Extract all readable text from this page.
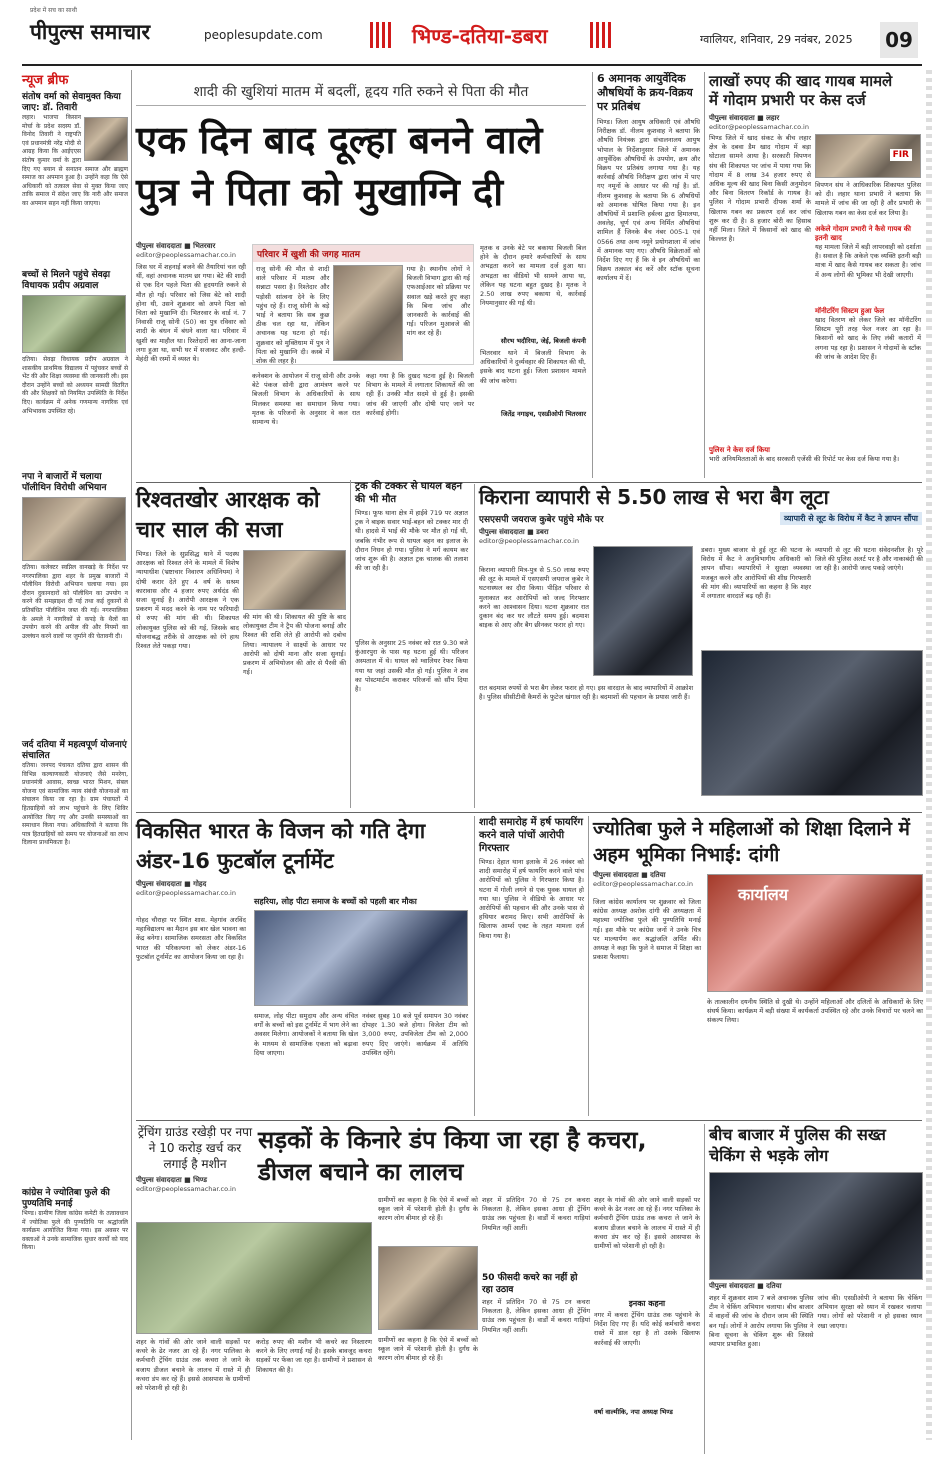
प्रदेश में सच का साथी
पीपुल्स समाचार	peoplesupdate.com	भिण्ड-दतिया-डबरा	ग्वालियर, शनिवार, 29 नवंबर, 2025 09
न्यूज ब्रीफ
संतोष वर्मा को सेवामुक्त किया जाए: डॉ. तिवारी
लहार। भाजपा किसान मोर्चा के प्रदेश सदस्य डॉ. विनोद तिवारी ने राष्ट्रपति एवं प्रधानमंत्री नरेंद्र मोदी से आग्रह किया कि आईएएस संतोष कुमार वर्मा के द्वारा दिए गए बयान से सनातन समाज और ब्राह्मण समाज का अपमान हुआ है। उन्होंने कहा कि ऐसे अधिकारी को तत्काल सेवा से मुक्त किया जाए ताकि समाज में संदेश जाए कि नारी और समाज का अपमान सहन नहीं किया जाएगा।
बच्चों से मिलने पहुंचे सेवढ़ा विधायक प्रदीप अग्रवाल
दतिया। सेवढ़ा विधायक प्रदीप अग्रवाल ने शासकीय प्राथमिक विद्यालय में पहुंचकर बच्चों से भेंट की और शिक्षा व्यवस्था की जानकारी ली। इस दौरान उन्होंने बच्चों को अध्ययन सामग्री वितरित की और शिक्षकों को नियमित उपस्थिति के निर्देश दिए। कार्यक्रम में अनेक गणमान्य नागरिक एवं अभिभावक उपस्थित रहे।
नपा ने बाजारों में चलाया पॉलीथिन विरोधी अभियान
दतिया। कलेक्टर स्वप्निल वानखड़े के निर्देश पर नगरपालिका द्वारा शहर के प्रमुख बाजारों में पॉलीथिन विरोधी अभियान चलाया गया। इस दौरान दुकानदारों को पॉलीथिन का उपयोग न करने की समझाइश दी गई तथा कई दुकानों से प्रतिबंधित पॉलीथिन जब्त की गई। नगरपालिका के अमले ने नागरिकों से कपड़े के थैलों का उपयोग करने की अपील की और नियमों का उल्लंघन करने वालों पर जुर्माने की चेतावनी दी।
जर्द दतिया में महत्वपूर्ण योजनाएं संचालित
दतिया। जनपद पंचायत दतिया द्वारा शासन की विभिन्न कल्याणकारी योजनाएं जैसे मनरेगा, प्रधानमंत्री आवास, स्वच्छ भारत मिशन, संबल योजना एवं सामाजिक न्याय संबंधी योजनाओं का संचालन किया जा रहा है। ग्राम पंचायतों में हितग्राहियों को लाभ पहुंचाने के लिए शिविर आयोजित किए गए और उनकी समस्याओं का समाधान किया गया। अधिकारियों ने बताया कि पात्र हितग्राहियों को समय पर योजनाओं का लाभ दिलाना प्राथमिकता है।
कांग्रेस ने ज्योतिबा फुले की पुण्यतिथि मनाई
भिण्ड। ग्रामीण जिला कांग्रेस कमेटी के तत्वावधान में ज्योतिबा फुले की पुण्यतिथि पर श्रद्धांजलि कार्यक्रम आयोजित किया गया। इस अवसर पर वक्ताओं ने उनके सामाजिक सुधार कार्यों को याद किया।
शादी की खुशियां मातम में बदलीं, हृदय गति रुकने से पिता की मौत
एक दिन बाद दूल्हा बनने वाले पुत्र ने पिता को मुखाग्नि दी
पीपुल्स संवाददाता ■ भितरवार
editor@peoplessamachar.co.in
जिस घर में शहनाई बजने की तैयारियां चल रही थीं, वहां अचानक मातम छा गया। बेटे की शादी से एक दिन पहले पिता की हृदयगति रुकने से मौत हो गई। परिवार को जिस बेटे को शादी होना थी, उसने शुक्रवार को अपने पिता को चिता को मुखाग्नि दी। भितरवार के वार्ड नं. 7 निवासी राजू सोनी (50) का पुत्र रविवार को शादी के बंधन में बंधने वाला था। परिवार में खुशी का माहौल था। रिश्तेदारों का आना-जाना लगा हुआ था, सभी घर में सजावट और हल्दी-मेहंदी की रस्मों में व्यस्त थे।
परिवार में खुशी की जगह मातम
राजू सोनी की मौत से शादी वाले परिवार में मातम और सन्नाटा पसरा है। रिश्तेदार और पड़ोसी सांत्वना देने के लिए पहुंच रहे हैं। राजू सोनी के बड़े भाई ने बताया कि सब कुछ ठीक चल रहा था, लेकिन अचानक यह घटना हो गई। शुक्रवार को मुक्तिधाम में पुत्र ने पिता को मुखाग्नि दी। कस्बे में शोक की लहर है।
गया है। स्थानीय लोगों ने बिजली विभाग द्वारा की गई एफआईआर को प्रक्रिया पर सवाल खड़े करते हुए कहा कि बिना जांच और जानकारी के कार्रवाई की गई। परिजन मुआवजे की मांग कर रहे हैं।
कनेक्शन के आयोजन में राजू सोनी और उनके बेटे पंकज सोनी द्वारा आमंत्रण करने पर बिजली विभाग के अधिकारियों के साथ मिलकर समस्या का समाधान किया गया। मृतक के परिजनों के अनुसार वे कल रात सामान्य थे।
कहा गया है कि दुखद घटना हुई है। बिजली विभाग के मामले में लगातार शिकायतें की जा रही हैं। उनकी मौत सदमे से हुई है। इसकी जांच की जाएगी और दोषी पाए जाने पर कार्रवाई होगी।
मृतक व उनके बेटे पर बकाया बिजली बिल होने के दौरान हमारे कर्मचारियों के साथ अभद्रता करने का मामला दर्ज हुआ था। अभद्रता का वीडियो भी सामने आया था, लेकिन यह घटना बहुत दुखद है। मृतक ने 2.50 लाख रुपए बकाया थे, कार्रवाई नियमानुसार की गई थी।
सौरभ भदौरिया, जेई, बिजली कंपनी
भितरवार थाने में बिजली विभाग के अधिकारियों ने दुर्व्यवहार की शिकायत की थी, इसके बाद घटना हुई। जिला प्रशासन मामले की जांच करेगा।
जितेंद्र नगाइच, एसडीओपी भितरवार
6 अमानक आयुर्वेदिक औषधियों के क्रय-विक्रय पर प्रतिबंध
भिण्ड। जिला आयुष अधिकारी एवं औषधि निरीक्षक डॉ. नीलम कुशवाह ने बताया कि औषधि नियंत्रक द्वारा संचालनालय आयुष भोपाल के निर्देशानुसार जिले में अमानक आयुर्वेदिक औषधियों के उपयोग, क्रय और विक्रय पर प्रतिबंध लगाया गया है। यह कार्रवाई औषधि निरीक्षण द्वारा जांच में पाए गए नमूनों के आधार पर की गई है। डॉ. नीलम कुशवाह के बताया कि 6 औषधियों को अमानक घोषित किया गया है। इन औषधियों में प्रशान्ति हर्बल्स द्वारा हिमालया, अवलेह, चूर्ण एवं अन्य निर्मित औषधियां शामिल हैं जिनके बैच नंबर 005-1 एवं 0566 तथा अन्य नमूने प्रयोगशाला में जांच में अमानक पाए गए। औषधि विक्रेताओं को निर्देश दिए गए हैं कि वे इन औषधियों का विक्रय तत्काल बंद करें और स्टॉक सूचना कार्यालय में दें।
लाखों रुपए की खाद गायब मामले
में गोदाम प्रभारी पर केस दर्ज
पीपुल्स संवाददाता ■ लहार
editor@peoplessamachar.co.in
भिण्ड जिले में खाद संकट के बीच लहार क्षेत्र के दबवा डैम खाद गोदाम में बड़ा घोटाला सामने आया है। सरकारी विपणन संघ की शिकायत पर जांच में पाया गया कि गोदाम में 8 लाख 34 हजार रुपए से अधिक मूल्य की खाद बिना किसी अनुमोदन और बिना वितरण रिकॉर्ड के गायब है। पुलिस ने गोदाम प्रभारी दीपक शर्मा के खिलाफ गबन का प्रकरण दर्ज कर जांच शुरू कर दी है। 8 हजार बोरी का हिसाब नहीं मिला। जिले में किसानों को खाद की किल्लत है।
FIR
विपणन संघ ने आधिकारिक शिकायत पुलिस को दी। लहार थाना प्रभारी ने बताया कि मामले में जांच की जा रही है और प्रभारी के खिलाफ गबन का केस दर्ज कर लिया है।
अकेले गोदाम प्रभारी ने कैसे गायब की इतनी खाद
यह मामला जिले में बड़ी लापरवाही को दर्शाता है। सवाल है कि अकेले एक व्यक्ति इतनी बड़ी मात्रा में खाद कैसे गायब कर सकता है। जांच में अन्य लोगों की भूमिका भी देखी जाएगी।
मॉनीटरिंग सिस्टम हुआ फेल
खाद वितरण को लेकर जिले का मॉनीटरिंग सिस्टम पूरी तरह फेल नजर आ रहा है। किसानों को खाद के लिए लंबी कतारों में लगना पड़ रहा है। प्रशासन ने गोदामों के स्टॉक की जांच के आदेश दिए हैं।
पुलिस ने केस दर्ज किया
भारी अनियमितताओं के बाद सरकारी एजेंसी की रिपोर्ट पर केस दर्ज किया गया है।
रिश्वतखोर आरक्षक को चार साल की सजा
भिण्ड। जिले के सुप्रसिद्ध थाने में पदस्थ आरक्षक को रिश्वत लेने के मामले में विशेष न्यायाधीश (भ्रष्टाचार निवारण अधिनियम) ने दोषी करार देते हुए 4 वर्ष के सश्रम कारावास और 4 हजार रुपए अर्थदंड की सजा सुनाई है। आरोपी आरक्षक ने एक प्रकरण में मदद करने के नाम पर फरियादी से रुपए की मांग की थी। शिकायत लोकायुक्त पुलिस को की गई, जिसके बाद योजनाबद्ध तरीके से आरक्षक को रंगे हाथ रिश्वत लेते पकड़ा गया।
की मांग की थी। शिकायत की पुष्टि के बाद लोकायुक्त टीम ने ट्रैप की योजना बनाई और रिश्वत की राशि लेते ही आरोपी को दबोच लिया। न्यायालय ने साक्ष्यों के आधार पर आरोपी को दोषी माना और सजा सुनाई। प्रकरण में अभियोजन की ओर से पैरवी की गई।
ट्रक की टक्कर से घायल बहन की भी मौत
भिण्ड। फूफ थाना क्षेत्र में हाईवे 719 पर अज्ञात ट्रक ने बाइक सवार भाई-बहन को टक्कर मार दी थी। हादसे में भाई की मौके पर मौत हो गई थी, जबकि गंभीर रूप से घायल बहन का इलाज के दौरान निधन हो गया। पुलिस ने मर्ग कायम कर जांच शुरू की है। अज्ञात ट्रक चालक की तलाश की जा रही है।
पुलिस के अनुसार 25 नवंबर को रात 9.30 बजे कुंआरपुरा के पास यह घटना हुई थी। परिजन अस्पताल में थे। घायल को ग्वालियर रेफर किया गया था जहां उसकी मौत हो गई। पुलिस ने शव का पोस्टमार्टम कराकर परिजनों को सौंप दिया है।
किराना व्यापारी से 5.50 लाख से भरा बैग लूटा
एसएसपी जयराज कुबेर पहुंचे मौके पर	व्यापारी से लूट के विरोध में कैट ने ज्ञापन सौंपा
पीपुल्स संवाददाता ■ डबरा
editor@peoplessamachar.co.in
किराना व्यापारी मित्र-पुत्र से 5.50 लाख रुपए की लूट के मामले में एसएसपी जयराज कुबेर ने घटनास्थल का दौरा किया। पीड़ित परिवार से मुलाकात कर आरोपियों को जल्द गिरफ्तार करने का आश्वासन दिया। घटना शुक्रवार रात दुकान बंद कर घर लौटते समय हुई। बदमाश बाइक से आए और बैग छीनकर फरार हो गए।
रात बदमाश रुपयों से भरा बैग लेकर फरार हो गए। इस वारदात के बाद व्यापारियों में आक्रोश है। पुलिस सीसीटीवी कैमरों के फुटेज खंगाल रही है। बदमाशों की पहचान के प्रयास जारी हैं।
डबरा। मुख्य बाजार से हुई लूट की घटना के विरोध में कैट ने अनुविभागीय अधिकारी को ज्ञापन सौंपा। व्यापारियों ने सुरक्षा व्यवस्था मजबूत करने और आरोपियों की शीघ्र गिरफ्तारी की मांग की। व्यापारियों का कहना है कि शहर में लगातार वारदातें बढ़ रही हैं।
व्यापारी से लूट की घटना संवेदनशील है। पूरे जिले की पुलिस अलर्ट पर है और नाकाबंदी की जा रही है। आरोपी जल्द पकड़े जाएंगे।
विकसित भारत के विजन को गति देगा अंडर-16 फुटबॉल टूर्नामेंट
पीपुल्स संवाददाता ■ गोहद
editor@peoplessamachar.co.in
सहरिया, लोह पीटा समाज के बच्चों को पहली बार मौका
गोहद चौराहा पर स्थित शास. मेहगांव अरविंद महाविद्यालय का मैदान इस बार खेल भावना का केंद्र बनेगा। सामाजिक समरसता और विकसित भारत की परिकल्पना को लेकर अंडर-16 फुटबॉल टूर्नामेंट का आयोजन किया जा रहा है।
समाज, लोह पीटा समुदाय और अन्य वंचित वर्गों के बच्चों को इस टूर्नामेंट में भाग लेने का अवसर मिलेगा। आयोजकों ने बताया कि खेल के माध्यम से सामाजिक एकता को बढ़ावा दिया जाएगा।
नवंबर सुबह 10 बजे पूर्व समापन 30 नवंबर दोपहर 1.30 बजे होगा। विजेता टीम को 3,000 रुपए, उपविजेता टीम को 2,000 रुपए दिए जाएंगे। कार्यक्रम में अतिथि उपस्थित रहेंगे।
शादी समारोह में हर्ष फायरिंग करने वाले पांचों आरोपी गिरफ्तार
भिण्ड। देहात थाना इलाके में 26 नवंबर को शादी समारोह में हर्ष फायरिंग करने वाले पांच आरोपियों को पुलिस ने गिरफ्तार किया है। घटना में गोली लगने से एक युवक घायल हो गया था। पुलिस ने वीडियो के आधार पर आरोपियों की पहचान की और उनके पास से हथियार बरामद किए। सभी आरोपियों के खिलाफ आर्म्स एक्ट के तहत मामला दर्ज किया गया है।
ज्योतिबा फुले ने महिलाओं को शिक्षा दिलाने में अहम भूमिका निभाई: दांगी
पीपुल्स संवाददाता ■ दतिया
editor@peoplessamachar.co.in
जिला कांग्रेस कार्यालय पर शुक्रवार को जिला कांग्रेस अध्यक्ष अशोक दांगी की अध्यक्षता में महात्मा ज्योतिबा फुले की पुण्यतिथि मनाई गई। इस मौके पर कांग्रेस जनों ने उनके चित्र पर माल्यार्पण कर श्रद्धांजलि अर्पित की। अध्यक्ष ने कहा कि फुले ने समाज में शिक्षा का प्रकाश फैलाया।
कार्यालय
के तात्कालीन दयनीय स्थिति से दुखी थे। उन्होंने महिलाओं और दलितों के अधिकारों के लिए संघर्ष किया। कार्यक्रम में बड़ी संख्या में कार्यकर्ता उपस्थित रहे और उनके विचारों पर चलने का संकल्प लिया।
ट्रेंचिंग ग्राउंड रखेड़ी पर नपा ने 10 करोड़ खर्च कर लगाई है मशीन
पीपुल्स संवाददाता ■ भिण्ड
editor@peoplessamachar.co.in
सड़कों के किनारे डंप किया जा रहा है कचरा, डीजल बचाने का लालच
शहर के गांवों की ओर जाने वाली सड़कों पर कचरे के ढेर नजर आ रहे हैं। नगर पालिका के कर्मचारी ट्रेंचिंग ग्राउंड तक कचरा ले जाने के बजाय डीजल बचाने के लालच में रास्ते में ही कचरा डंप कर रहे हैं। इससे आसपास के ग्रामीणों को परेशानी हो रही है।
करोड़ रुपए की मशीन भी कचरे का निस्तारण करने के लिए लगाई गई है। इसके बावजूद कचरा सड़कों पर फेंका जा रहा है। ग्रामीणों ने प्रशासन से शिकायत की है।
ग्रामीणों का कहना है कि ऐसे में बच्चों को स्कूल जाने में परेशानी होती है। दुर्गंध के कारण लोग बीमार हो रहे हैं।
ग्रामीणों का कहना है कि ऐसे में बच्चों को स्कूल जाने में परेशानी होती है। दुर्गंध के कारण लोग बीमार हो रहे हैं।
शहर में प्रतिदिन 70 से 75 टन कचरा निकलता है, लेकिन इसका आधा ही ट्रेंचिंग ग्राउंड तक पहुंचता है। वार्डों में कचरा गाड़ियां नियमित नहीं आतीं।
50 फीसदी कचरे का नहीं हो रहा उठाव
शहर में प्रतिदिन 70 से 75 टन कचरा निकलता है, लेकिन इसका आधा ही ट्रेंचिंग ग्राउंड तक पहुंचता है। वार्डों में कचरा गाड़ियां नियमित नहीं आतीं।
शहर के गांवों की ओर जाने वाली सड़कों पर कचरे के ढेर नजर आ रहे हैं। नगर पालिका के कर्मचारी ट्रेंचिंग ग्राउंड तक कचरा ले जाने के बजाय डीजल बचाने के लालच में रास्ते में ही कचरा डंप कर रहे हैं। इससे आसपास के ग्रामीणों को परेशानी हो रही है।
इनका कहना
नगर में कचरा ट्रेंचिंग ग्राउंड तक पहुंचाने के निर्देश दिए गए हैं। यदि कोई कर्मचारी कचरा रास्ते में डाल रहा है तो उसके खिलाफ कार्रवाई की जाएगी।
वर्षा वाल्मीकि, नपा अध्यक्ष भिण्ड
बीच बाजार में पुलिस की सख्त चेकिंग से भड़के लोग
पीपुल्स संवाददाता ■ दतिया
शहर में शुक्रवार शाम 7 बजे अचानक पुलिस टीम ने चेकिंग अभियान चलाया। बीच बाजार में वाहनों की जांच के दौरान जाम की स्थिति बन गई। लोगों ने आरोप लगाया कि पुलिस ने बिना सूचना के चेकिंग शुरू की जिससे व्यापार प्रभावित हुआ।
जांच की। एसडीओपी ने बताया कि चेकिंग अभियान सुरक्षा को ध्यान में रखकर चलाया गया। लोगों को परेशानी न हो इसका ध्यान रखा जाएगा।
